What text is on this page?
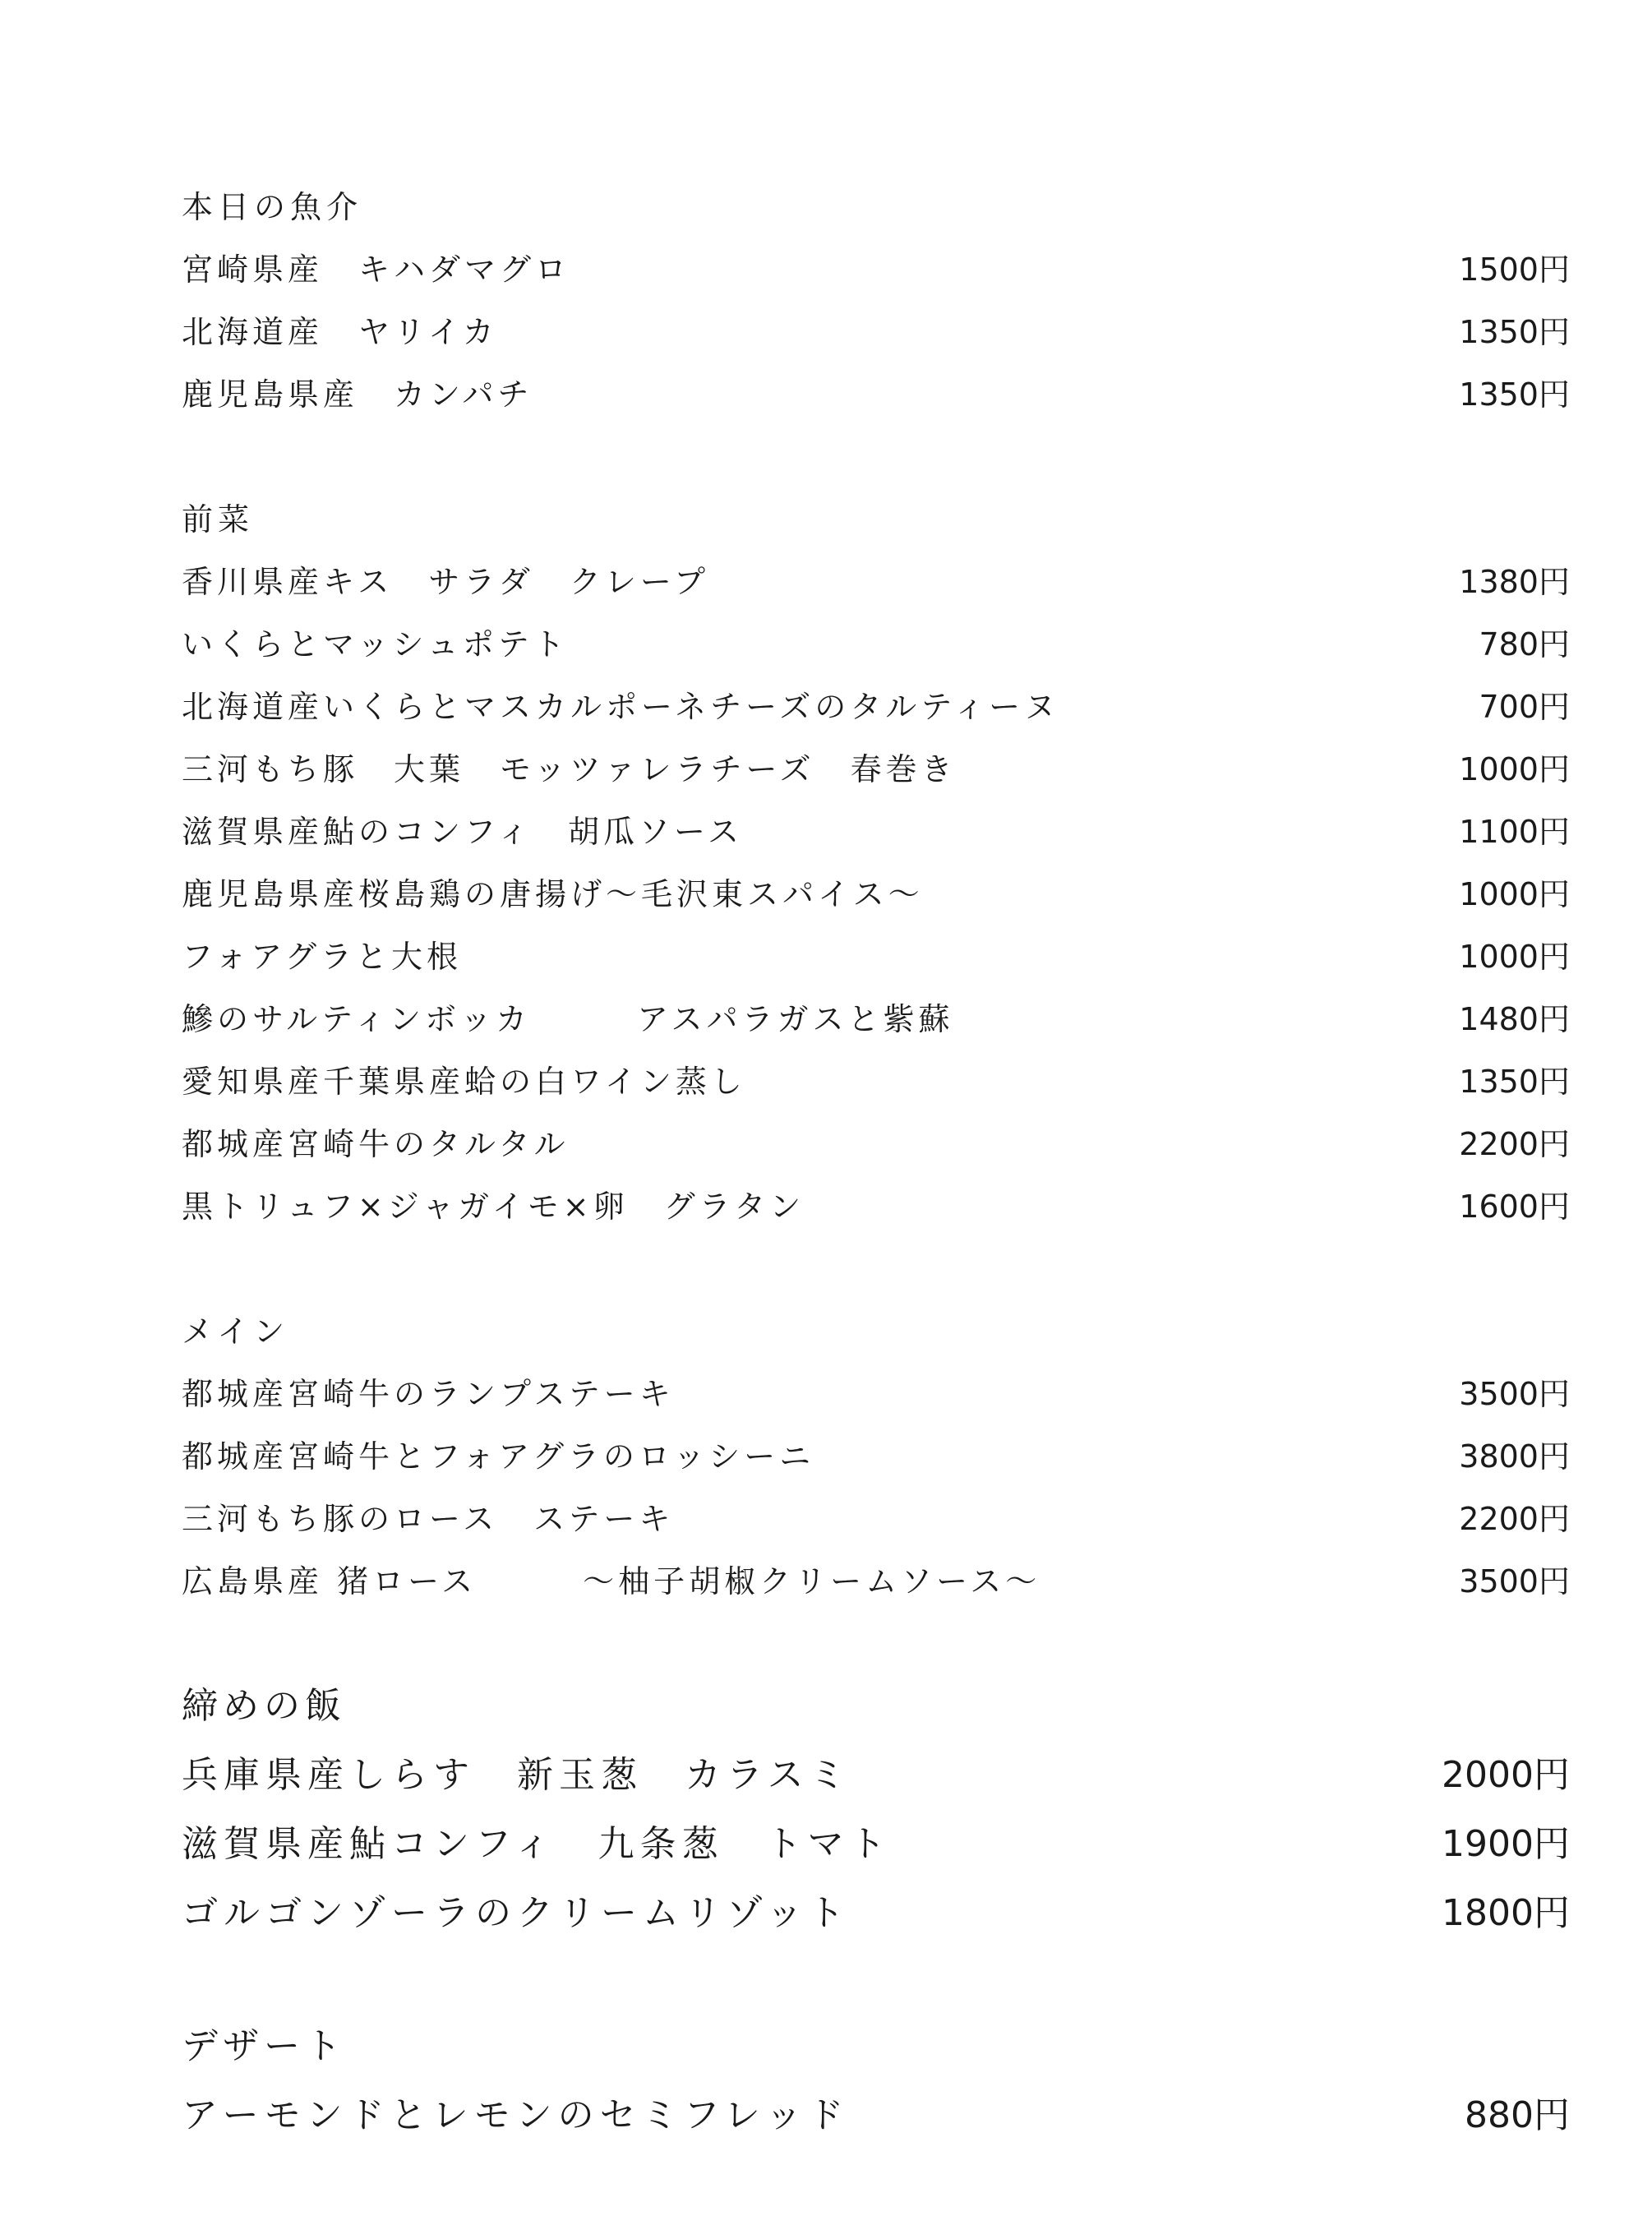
本日の魚介
宮崎県産　キハダマグロ	1500円
北海道産　ヤリイカ	1350円
鹿児島県産　カンパチ	1350円
前菜
香川県産キス　サラダ　クレープ	1380円
いくらとマッシュポテト	780円
北海道産いくらとマスカルポーネチーズのタルティーヌ	700円
三河もち豚　大葉　モッツァレラチーズ　春巻き	1000円
滋賀県産鮎のコンフィ　胡瓜ソース	1100円
鹿児島県産桜島鶏の唐揚げ～毛沢東スパイス～	1000円
フォアグラと大根	1000円
鰺のサルティンボッカ　　　アスパラガスと紫蘇	1480円
愛知県産千葉県産蛤の白ワイン蒸し	1350円
都城産宮崎牛のタルタル	2200円
黒トリュフ×ジャガイモ×卵　グラタン	1600円
メイン
都城産宮崎牛のランプステーキ	3500円
都城産宮崎牛とフォアグラのロッシーニ	3800円
三河もち豚のロース　ステーキ	2200円
広島県産 猪ロース　　　～柚子胡椒クリームソース～	3500円
締めの飯
兵庫県産しらす　新玉葱　カラスミ	2000円
滋賀県産鮎コンフィ　九条葱　トマト	1900円
ゴルゴンゾーラのクリームリゾット	1800円
デザート
アーモンドとレモンのセミフレッド	880円
